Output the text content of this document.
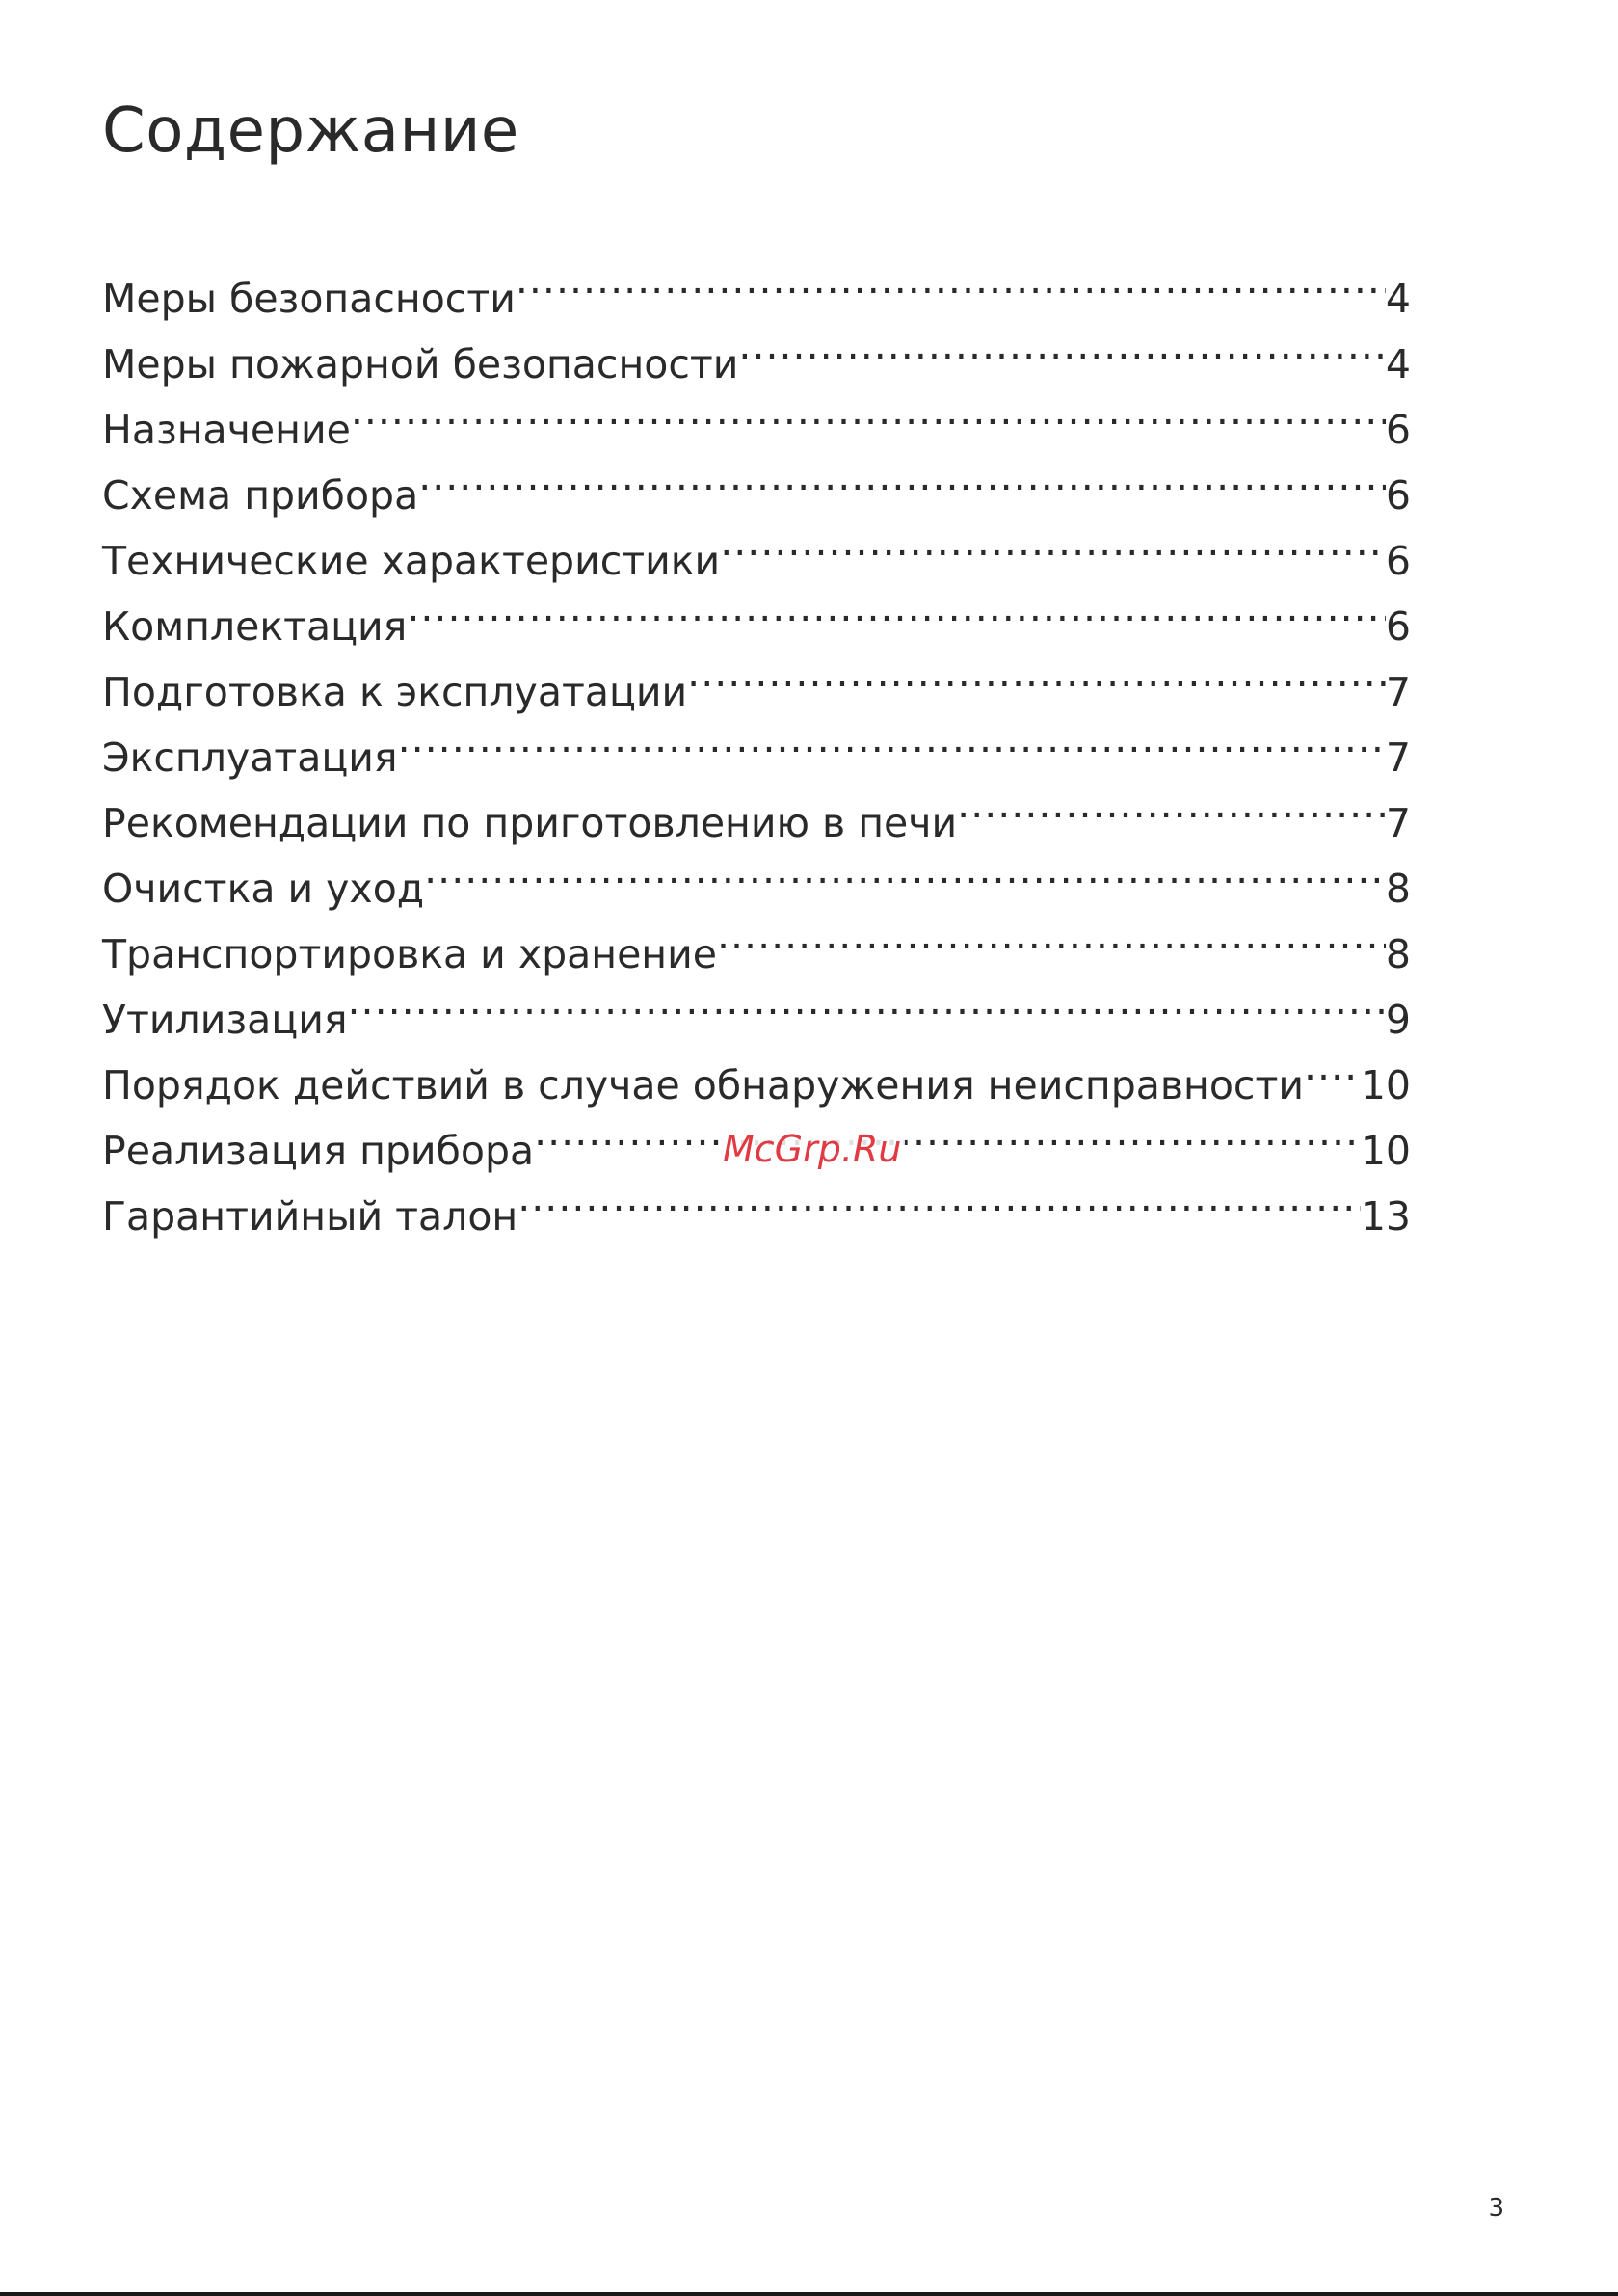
Содержание
Меры безопасности .....	4
Меры пожарной безопасности .....	4
Назначение .....	6
Схема прибора .....	6
Технические характеристики .....	6
Комплектация .....	6
Подготовка к эксплуатации .....	7
Эксплуатация .....	7
Рекомендации по приготовлению в печи .....	7
Очистка и уход .....	8
Транспортировка и хранение .....	8
Утилизация .....	9
Порядок действий в случае обнаружения неисправности ..... 10
Реализация прибора .....	10
Гарантийный талон .....	13
McGrp.Ru
3
